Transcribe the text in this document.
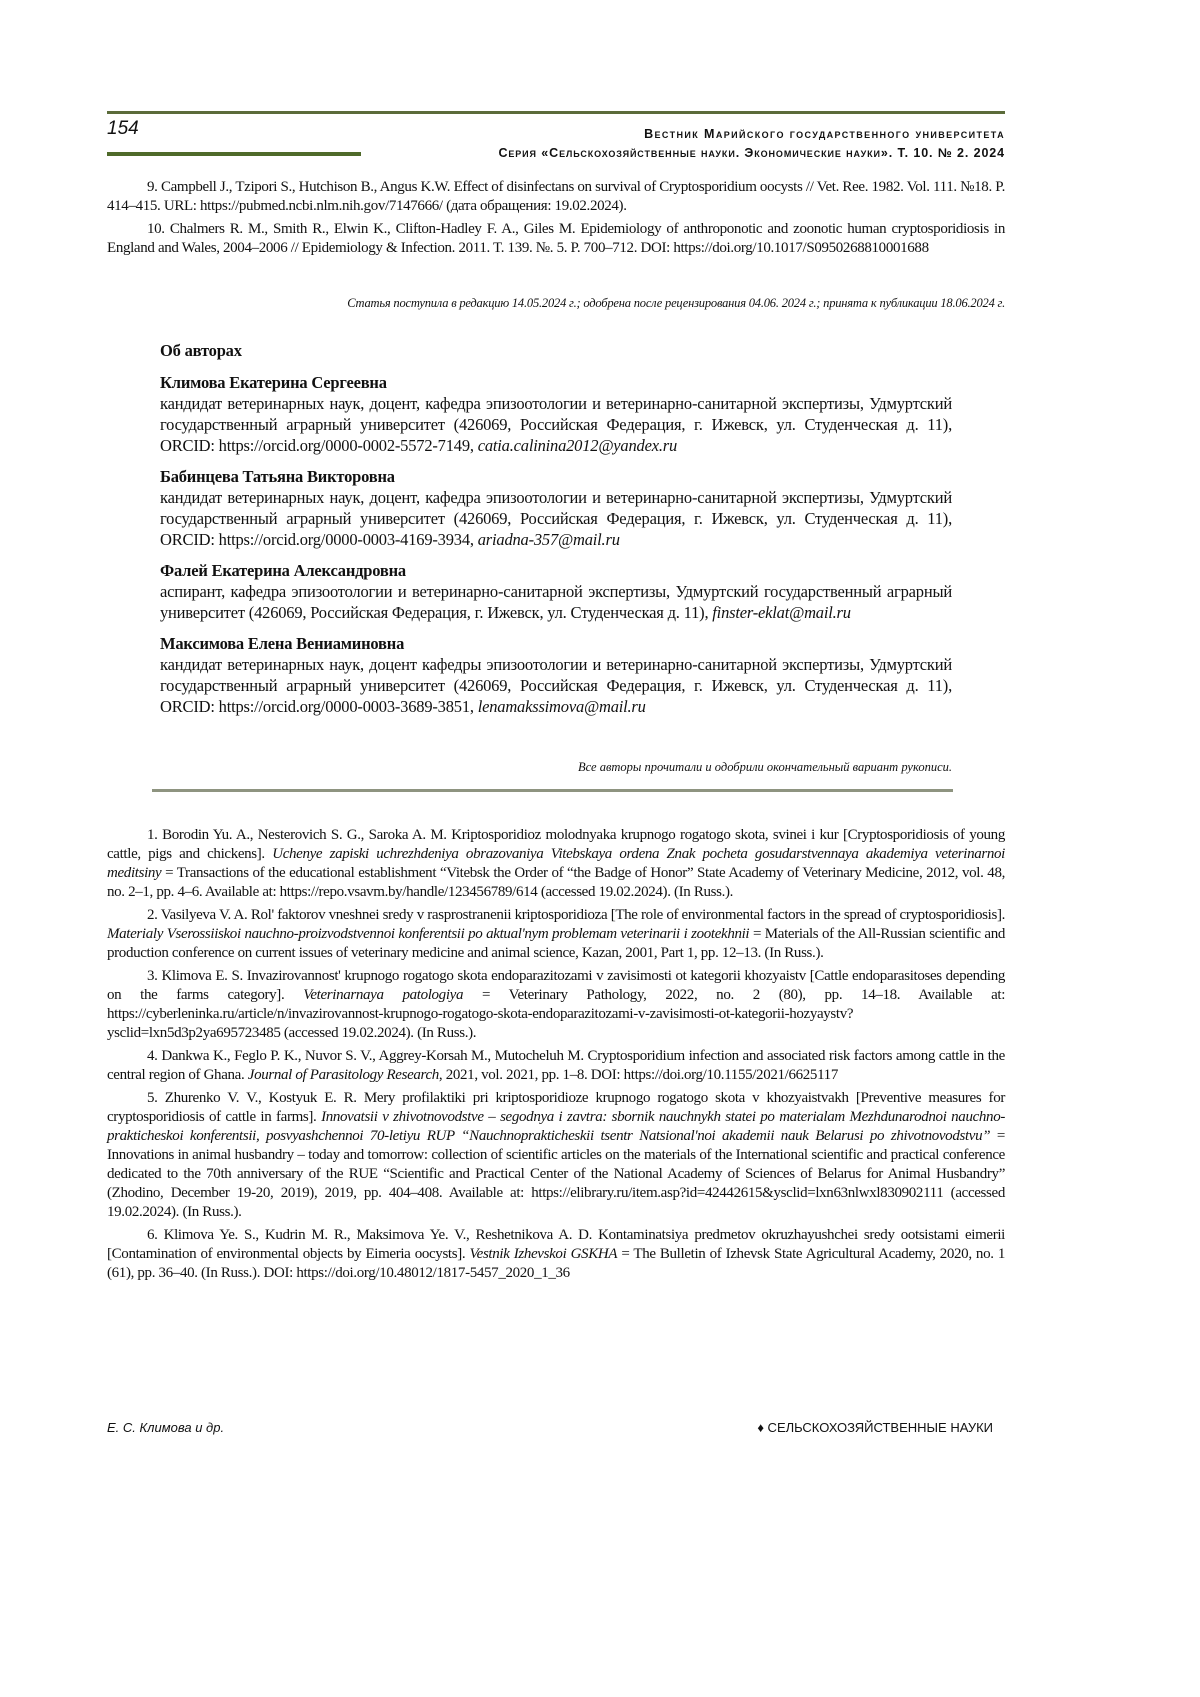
154	Вестник Марийского государственного университета
Серия «Сельскохозяйственные науки. Экономические науки». Т. 10. № 2. 2024

9. Campbell J., Tzipori S., Hutchison B., Angus K.W. Effect of disinfectans on survival of Cryptosporidium oocysts // Vet. Ree. 1982. Vol. 111. №18. P. 414–415. URL: https://pubmed.ncbi.nlm.nih.gov/7147666/ (дата обращения: 19.02.2024).

10. Chalmers R. M., Smith R., Elwin K., Clifton-Hadley F. A., Giles M. Epidemiology of anthroponotic and zoonotic human cryptosporidiosis in England and Wales, 2004–2006 // Epidemiology & Infection. 2011. T. 139. №. 5. P. 700–712. DOI: https://doi.org/10.1017/S0950268810001688

Статья поступила в редакцию 14.05.2024 г.; одобрена после рецензирования 04.06. 2024 г.; принята к публикации 18.06.2024 г.
Об авторах
Климова Екатерина Сергеевна
кандидат ветеринарных наук, доцент, кафедра эпизоотологии и ветеринарно-санитарной экспертизы, Удмуртский государственный аграрный университет (426069, Российская Федерация, г. Ижевск, ул. Студенческая д. 11), ORCID: https://orcid.org/0000-0002-5572-7149, catia.calinina2012@yandex.ru
Бабинцева Татьяна Викторовна
кандидат ветеринарных наук, доцент, кафедра эпизоотологии и ветеринарно-санитарной экспертизы, Удмуртский государственный аграрный университет (426069, Российская Федерация, г. Ижевск, ул. Студенческая д. 11), ORCID: https://orcid.org/0000-0003-4169-3934, ariadna-357@mail.ru
Фалей Екатерина Александровна
аспирант, кафедра эпизоотологии и ветеринарно-санитарной экспертизы, Удмуртский государственный аграрный университет (426069, Российская Федерация, г. Ижевск, ул. Студенческая д. 11), finster-eklat@mail.ru
Максимова Елена Вениаминовна
кандидат ветеринарных наук, доцент кафедры эпизоотологии и ветеринарно-санитарной экспертизы, Удмуртский государственный аграрный университет (426069, Российская Федерация, г. Ижевск, ул. Студенческая д. 11), ORCID: https://orcid.org/0000-0003-3689-3851, lenamakssimova@mail.ru
Все авторы прочитали и одобрили окончательный вариант рукописи.

1. Borodin Yu. A., Nesterovich S. G., Saroka A. M. Kriptosporidioz molodnyaka krupnogo rogatogo skota, svinei i kur [Cryptosporidiosis of young cattle, pigs and chickens]. Uchenye zapiski uchrezhdeniya obrazovaniya Vitebskaya ordena Znak pocheta gosudarstvennaya akademiya veterinarnoi meditsiny = Transactions of the educational establishment “Vitebsk the Order of “the Badge of Honor” State Academy of Veterinary Medicine, 2012, vol. 48, no. 2–1, pp. 4–6. Available at: https://repo.vsavm.by/handle/123456789/614 (accessed 19.02.2024). (In Russ.).

2. Vasilyeva V. A. Rol' faktorov vneshnei sredy v rasprostranenii kriptosporidioza [The role of environmental factors in the spread of cryptosporidiosis]. Materialy Vserossiiskoi nauchno-proizvodstvennoi konferentsii po aktual'nym problemam veterinarii i zootekhnii = Materials of the All-Russian scientific and production conference on current issues of veterinary medicine and animal science, Kazan, 2001, Part 1, pp. 12–13. (In Russ.).

3. Klimova E. S. Invazirovannost' krupnogo rogatogo skota endoparazitozami v zavisimosti ot kategorii khozyaistv [Cattle endoparasitoses depending on the farms category]. Veterinarnaya patologiya = Veterinary Pathology, 2022, no. 2 (80), pp. 14–18. Available at: https://cyberleninka.ru/article/n/invazirovannost-krupnogo-rogatogo-skota-endoparazitozami-v-zavisimosti-ot-kategorii-hozyaystv?ysclid=lxn5d3p2ya695723485 (accessed 19.02.2024). (In Russ.).

4. Dankwa K., Feglo P. K., Nuvor S. V., Aggrey-Korsah M., Mutocheluh M. Cryptosporidium infection and associated risk factors among cattle in the central region of Ghana. Journal of Parasitology Research, 2021, vol. 2021, pp. 1–8. DOI: https://doi.org/10.1155/2021/6625117

5. Zhurenko V. V., Kostyuk E. R. Mery profilaktiki pri kriptosporidioze krupnogo rogatogo skota v khozyaistvakh [Preventive measures for cryptosporidiosis of cattle in farms]. Innovatsii v zhivotnovodstve – segodnya i zavtra: sbornik nauchnykh statei po materialam Mezhdunarodnoi nauchno-prakticheskoi konferentsii, posvyashchennoi 70-letiyu RUP “Nauchnoprakticheskii tsentr Natsional'noi akademii nauk Belarusi po zhivotnovodstvu” = Innovations in animal husbandry – today and tomorrow: collection of scientific articles on the materials of the International scientific and practical conference dedicated to the 70th anniversary of the RUE “Scientific and Practical Center of the National Academy of Sciences of Belarus for Animal Husbandry” (Zhodino, December 19-20, 2019), 2019, pp. 404–408. Available at: https://elibrary.ru/item.asp?id=42442615&ysclid=lxn63nlwxl830902111 (accessed 19.02.2024). (In Russ.).

6. Klimova Ye. S., Kudrin M. R., Maksimova Ye. V., Reshetnikova A. D. Kontaminatsiya predmetov okruzhayushchei sredy ootsistami eimerii [Contamination of environmental objects by Eimeria oocysts]. Vestnik Izhevskoi GSKHA = The Bulletin of Izhevsk State Agricultural Academy, 2020, no. 1 (61), pp. 36–40. (In Russ.). DOI: https://doi.org/10.48012/1817-5457_2020_1_36

Е. С. Климова и др.	♦ СЕЛЬСКОХОЗЯЙСТВЕННЫЕ НАУКИ
